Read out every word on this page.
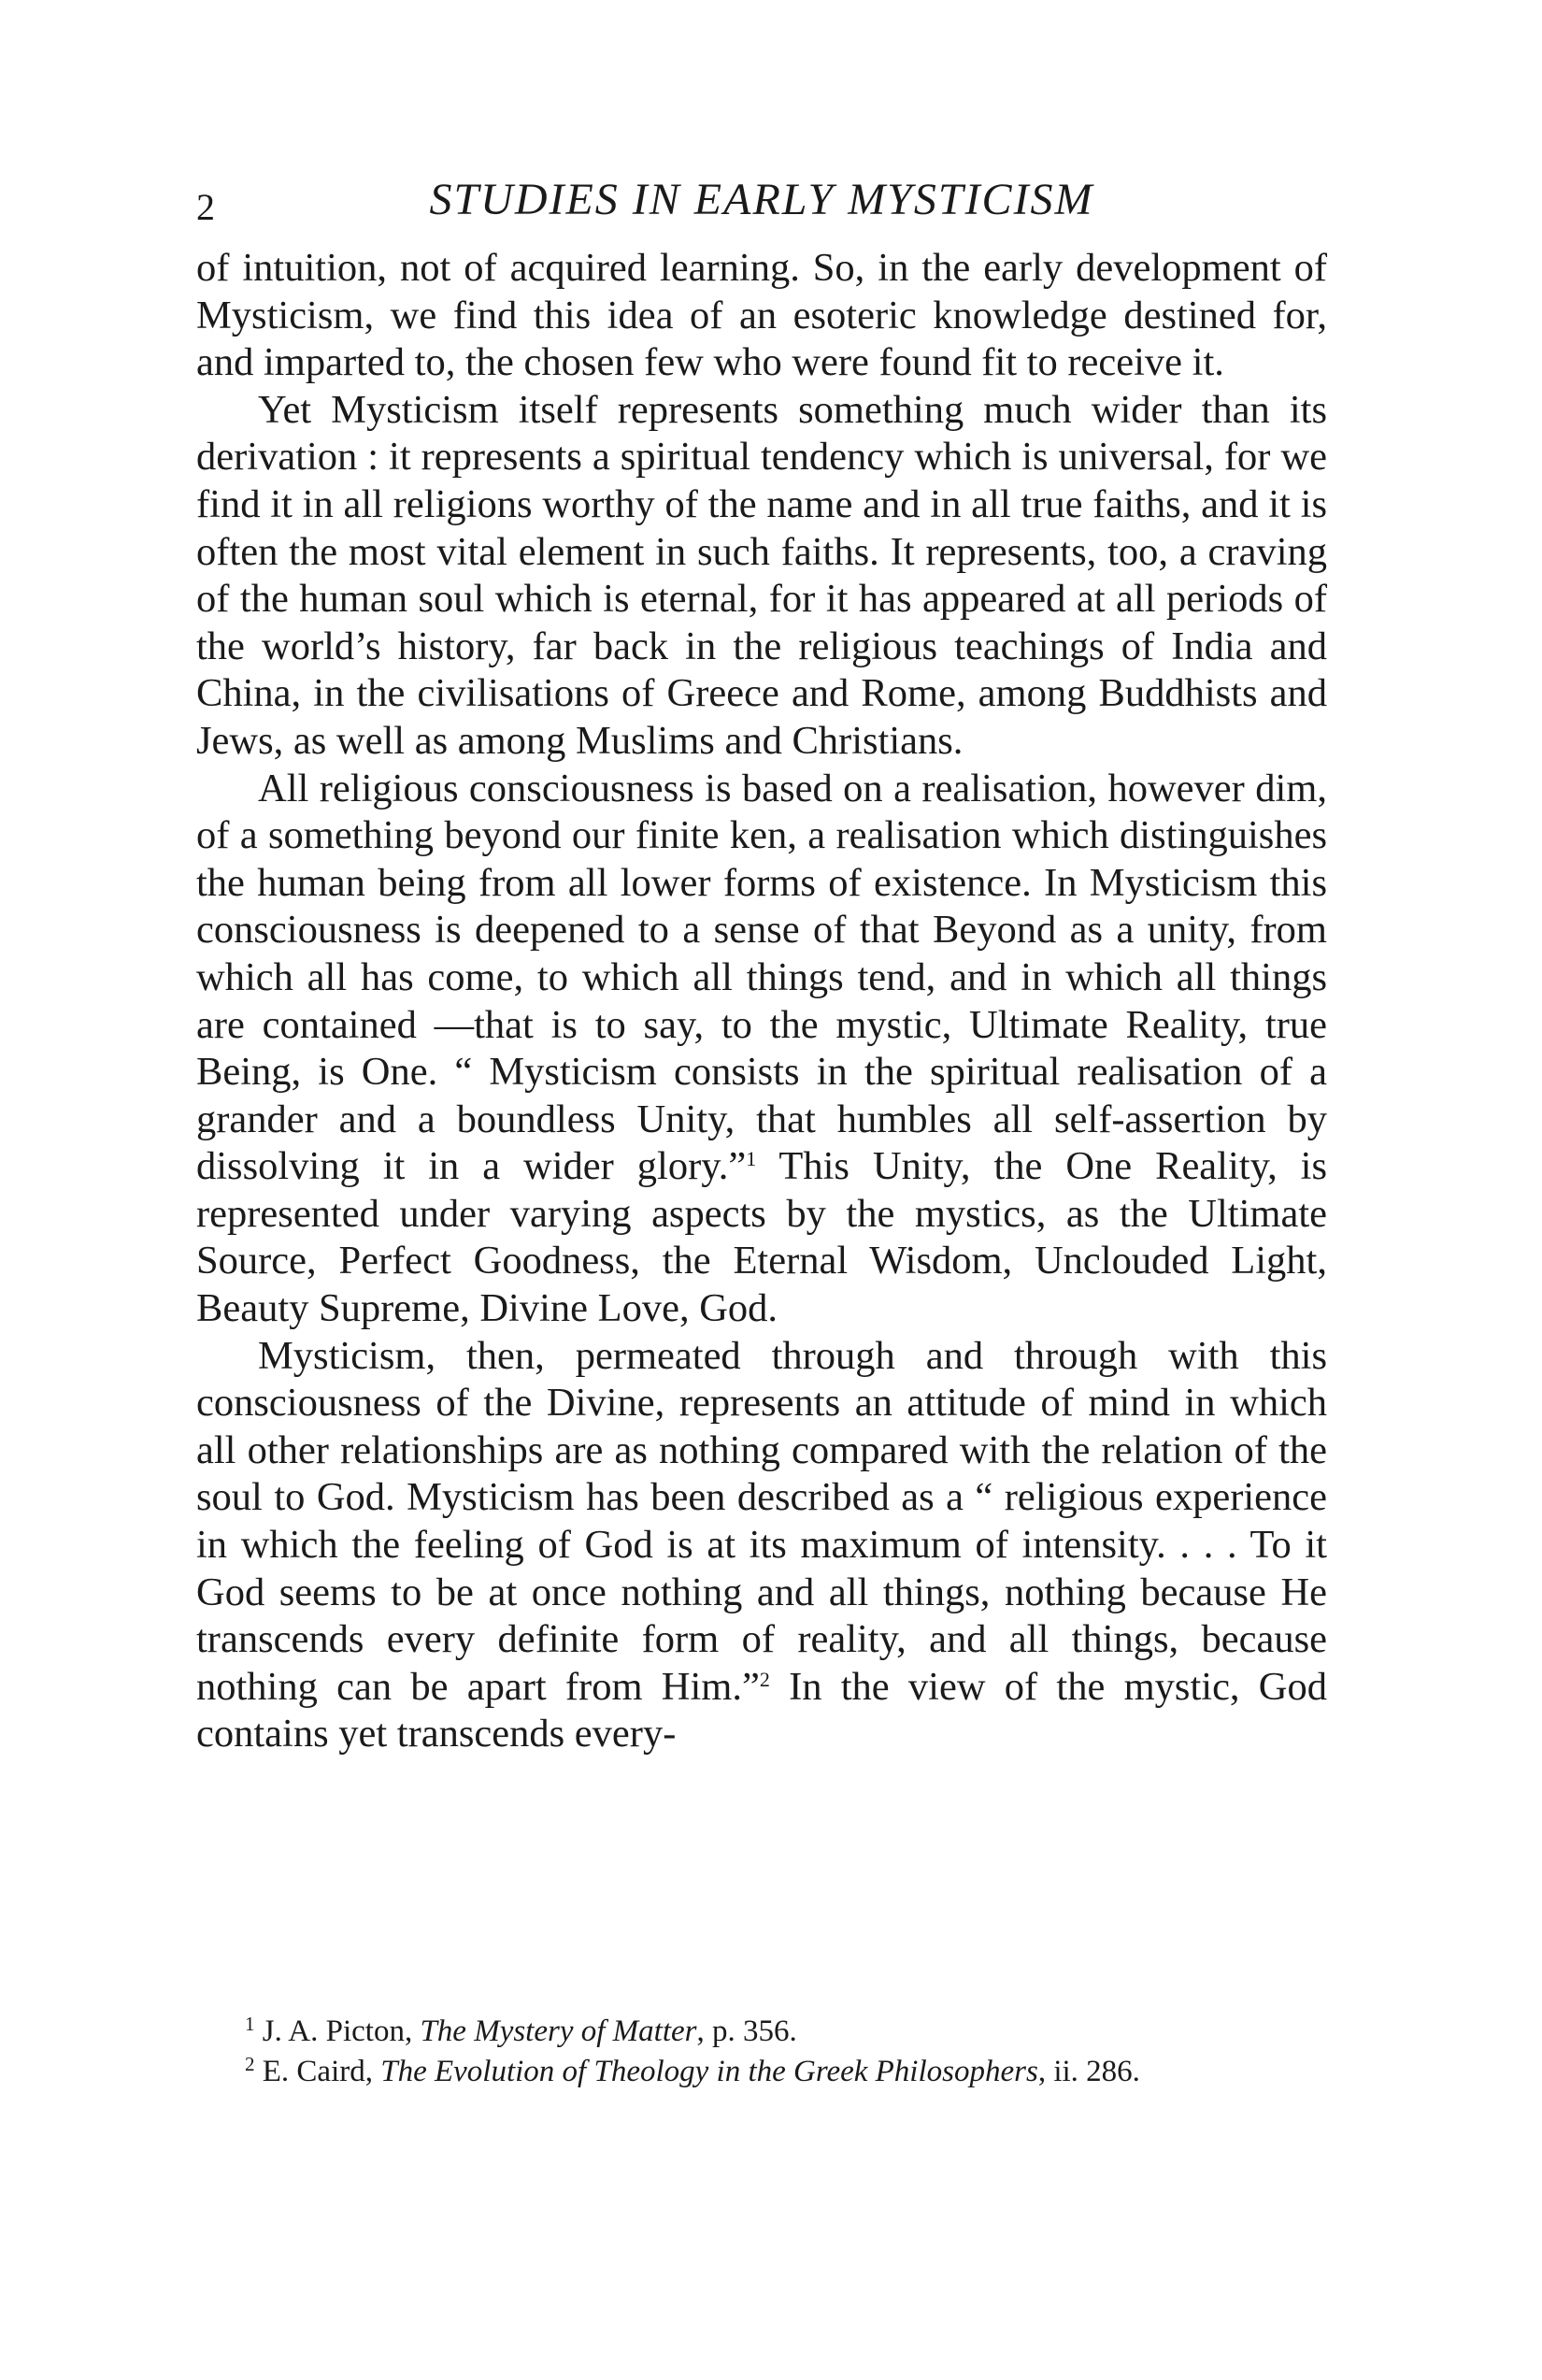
2	STUDIES IN EARLY MYSTICISM

of intuition, not of acquired learning. So, in the early development of Mysticism, we find this idea of an esoteric knowledge destined for, and imparted to, the chosen few who were found fit to receive it.

Yet Mysticism itself represents something much wider than its derivation : it represents a spiritual tendency which is universal, for we find it in all religions worthy of the name and in all true faiths, and it is often the most vital element in such faiths. It represents, too, a craving of the human soul which is eternal, for it has appeared at all periods of the world’s history, far back in the religious teachings of India and China, in the civilisations of Greece and Rome, among Buddhists and Jews, as well as among Muslims and Christians.

All religious consciousness is based on a realisation, however dim, of a something beyond our finite ken, a realisation which distinguishes the human being from all lower forms of existence. In Mysticism this consciousness is deepened to a sense of that Beyond as a unity, from which all has come, to which all things tend, and in which all things are contained —that is to say, to the mystic, Ultimate Reality, true Being, is One. “ Mysticism consists in the spiritual realisation of a grander and a boundless Unity, that humbles all self-assertion by dissolving it in a wider glory.”$^1$ This Unity, the One Reality, is represented under varying aspects by the mystics, as the Ultimate Source, Perfect Goodness, the Eternal Wisdom, Unclouded Light, Beauty Supreme, Divine Love, God.

Mysticism, then, permeated through and through with this consciousness of the Divine, represents an attitude of mind in which all other relationships are as nothing compared with the relation of the soul to God. Mysticism has been described as a “ religious experience in which the feeling of God is at its maximum of intensity. . . . To it God seems to be at once nothing and all things, nothing because He transcends every definite form of reality, and all things, because nothing can be apart from Him.”$^2$ In the view of the mystic, God contains yet transcends every-

$^1$ J. A. Picton, The Mystery of Matter, p. 356.

$^2$ E. Caird, The Evolution of Theology in the Greek Philosophers, ii. 286.
